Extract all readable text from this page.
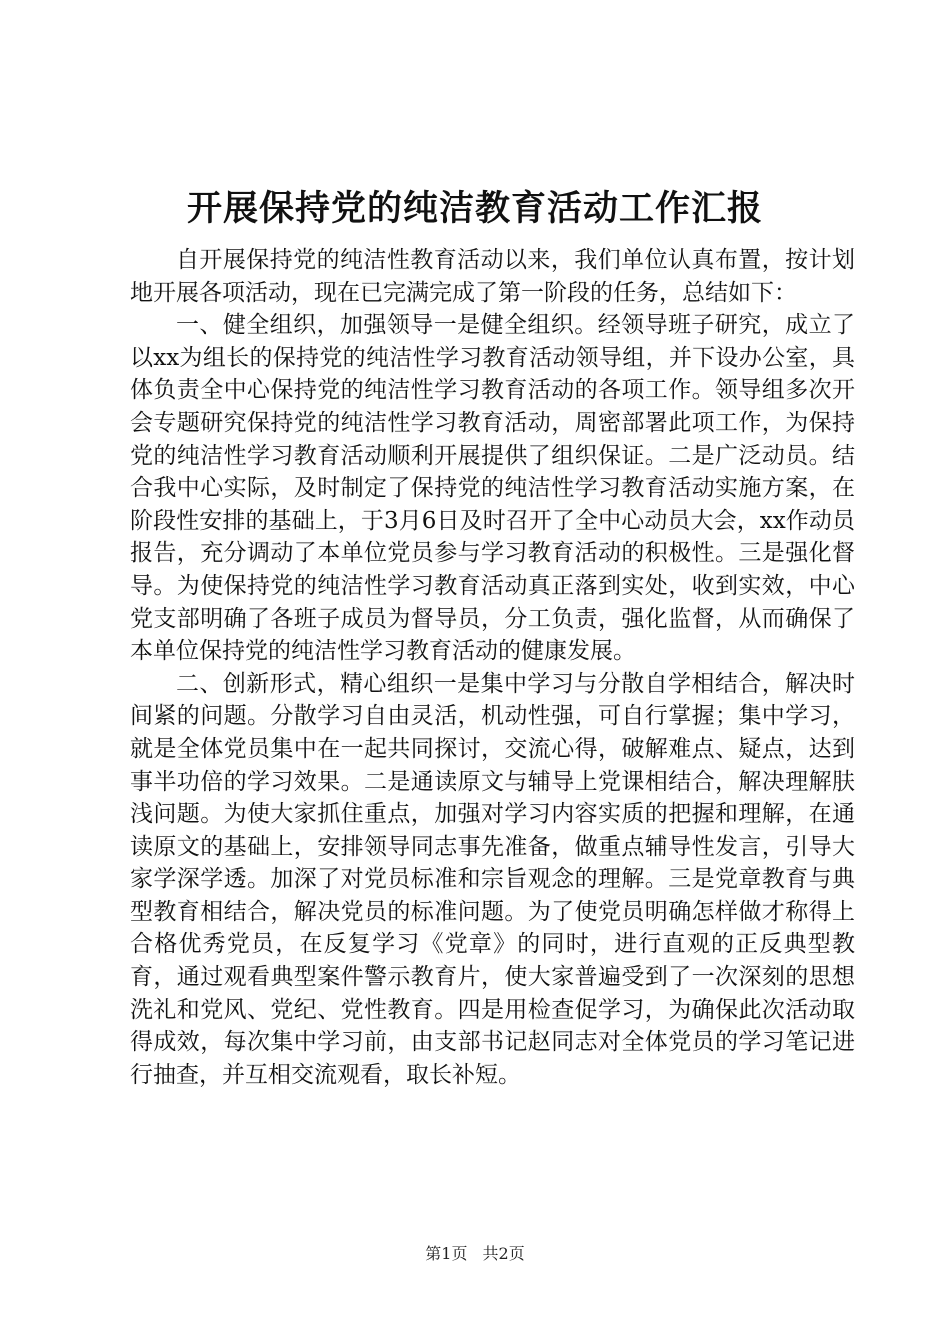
开展保持党的纯洁教育活动工作汇报

自开展保持党的纯洁性教育活动以来，我们单位认真布置，按计划地开展各项活动，现在已完满完成了第一阶段的任务，总结如下：

一、健全组织，加强领导一是健全组织。经领导班子研究，成立了以xx为组长的保持党的纯洁性学习教育活动领导组，并下设办公室，具体负责全中心保持党的纯洁性学习教育活动的各项工作。领导组多次开会专题研究保持党的纯洁性学习教育活动，周密部署此项工作，为保持党的纯洁性学习教育活动顺利开展提供了组织保证。二是广泛动员。结合我中心实际，及时制定了保持党的纯洁性学习教育活动实施方案，在阶段性安排的基础上，于3月6日及时召开了全中心动员大会，xx作动员报告，充分调动了本单位党员参与学习教育活动的积极性。三是强化督导。为使保持党的纯洁性学习教育活动真正落到实处，收到实效，中心党支部明确了各班子成员为督导员，分工负责，强化监督，从而确保了本单位保持党的纯洁性学习教育活动的健康发展。

二、创新形式，精心组织一是集中学习与分散自学相结合，解决时间紧的问题。分散学习自由灵活，机动性强，可自行掌握；集中学习，就是全体党员集中在一起共同探讨，交流心得，破解难点、疑点，达到事半功倍的学习效果。二是通读原文与辅导上党课相结合，解决理解肤浅问题。为使大家抓住重点，加强对学习内容实质的把握和理解，在通读原文的基础上，安排领导同志事先准备，做重点辅导性发言，引导大家学深学透。加深了对党员标准和宗旨观念的理解。三是党章教育与典型教育相结合，解决党员的标准问题。为了使党员明确怎样做才称得上合格优秀党员，在反复学习《党章》的同时，进行直观的正反典型教育，通过观看典型案件警示教育片，使大家普遍受到了一次深刻的思想洗礼和党风、党纪、党性教育。四是用检查促学习，为确保此次活动取得成效，每次集中学习前，由支部书记赵同志对全体党员的学习笔记进行抽查，并互相交流观看，取长补短。

第1页 共2页
